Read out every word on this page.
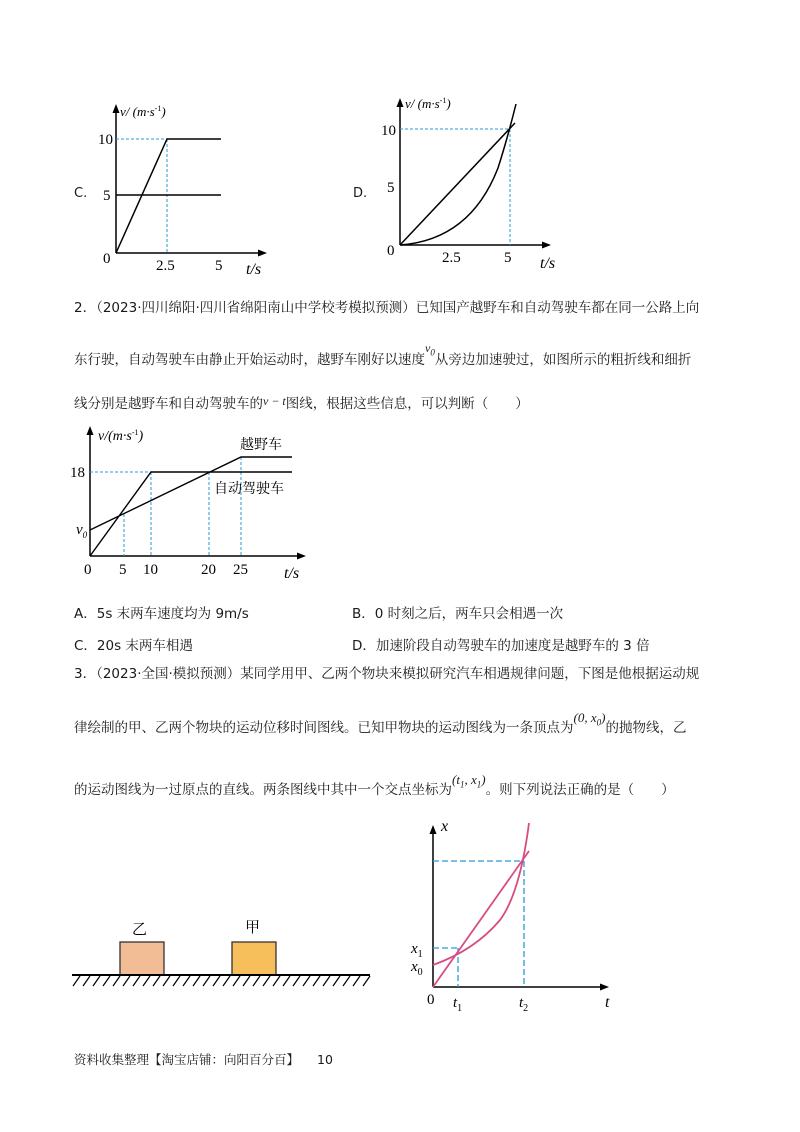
C.
v/ $(m\cdot s^{-1})$
10
5
0	2.5	5 t/s
D.
v/ $(m\cdot s^{-1})$
10
5
0	2.5	5 t/s
2．（2023·四川绵阳·四川省绵阳南山中学校考模拟预测）已知国产越野车和自动驾驶车都在同一公路上向
东行驶，自动驾驶车由静止开始运动时，越野车刚好以速度$v_0$从旁边加速驶过，如图所示的粗折线和细折
线分别是越野车和自动驾驶车的v − t图线，根据这些信息，可以判断（　　）
$v/(m\cdot s^{-1})$
18
$v_0$
0 5 10	20 25 t/s
越野车
自动驾驶车
A．5s 末两车速度均为 9m/s	B．0 时刻之后，两车只会相遇一次
C．20s 末两车相遇	D．加速阶段自动驾驶车的加速度是越野车的 3 倍
3．（2023·全国·模拟预测）某同学用甲、乙两个物块来模拟研究汽车相遇规律问题，下图是他根据运动规
律绘制的甲、乙两个物块的运动位移时间图线。已知甲物块的运动图线为一条顶点为(0, $x_0$)的抛物线，乙
的运动图线为一过原点的直线。两条图线中其中一个交点坐标为($t_1$, $x_1$)。则下列说法正确的是（　　）
乙	甲
x
$x_1$
$x_0$
0 $t_1$	$t_2$	t
资料收集整理【淘宝店铺：向阳百分百】 10
